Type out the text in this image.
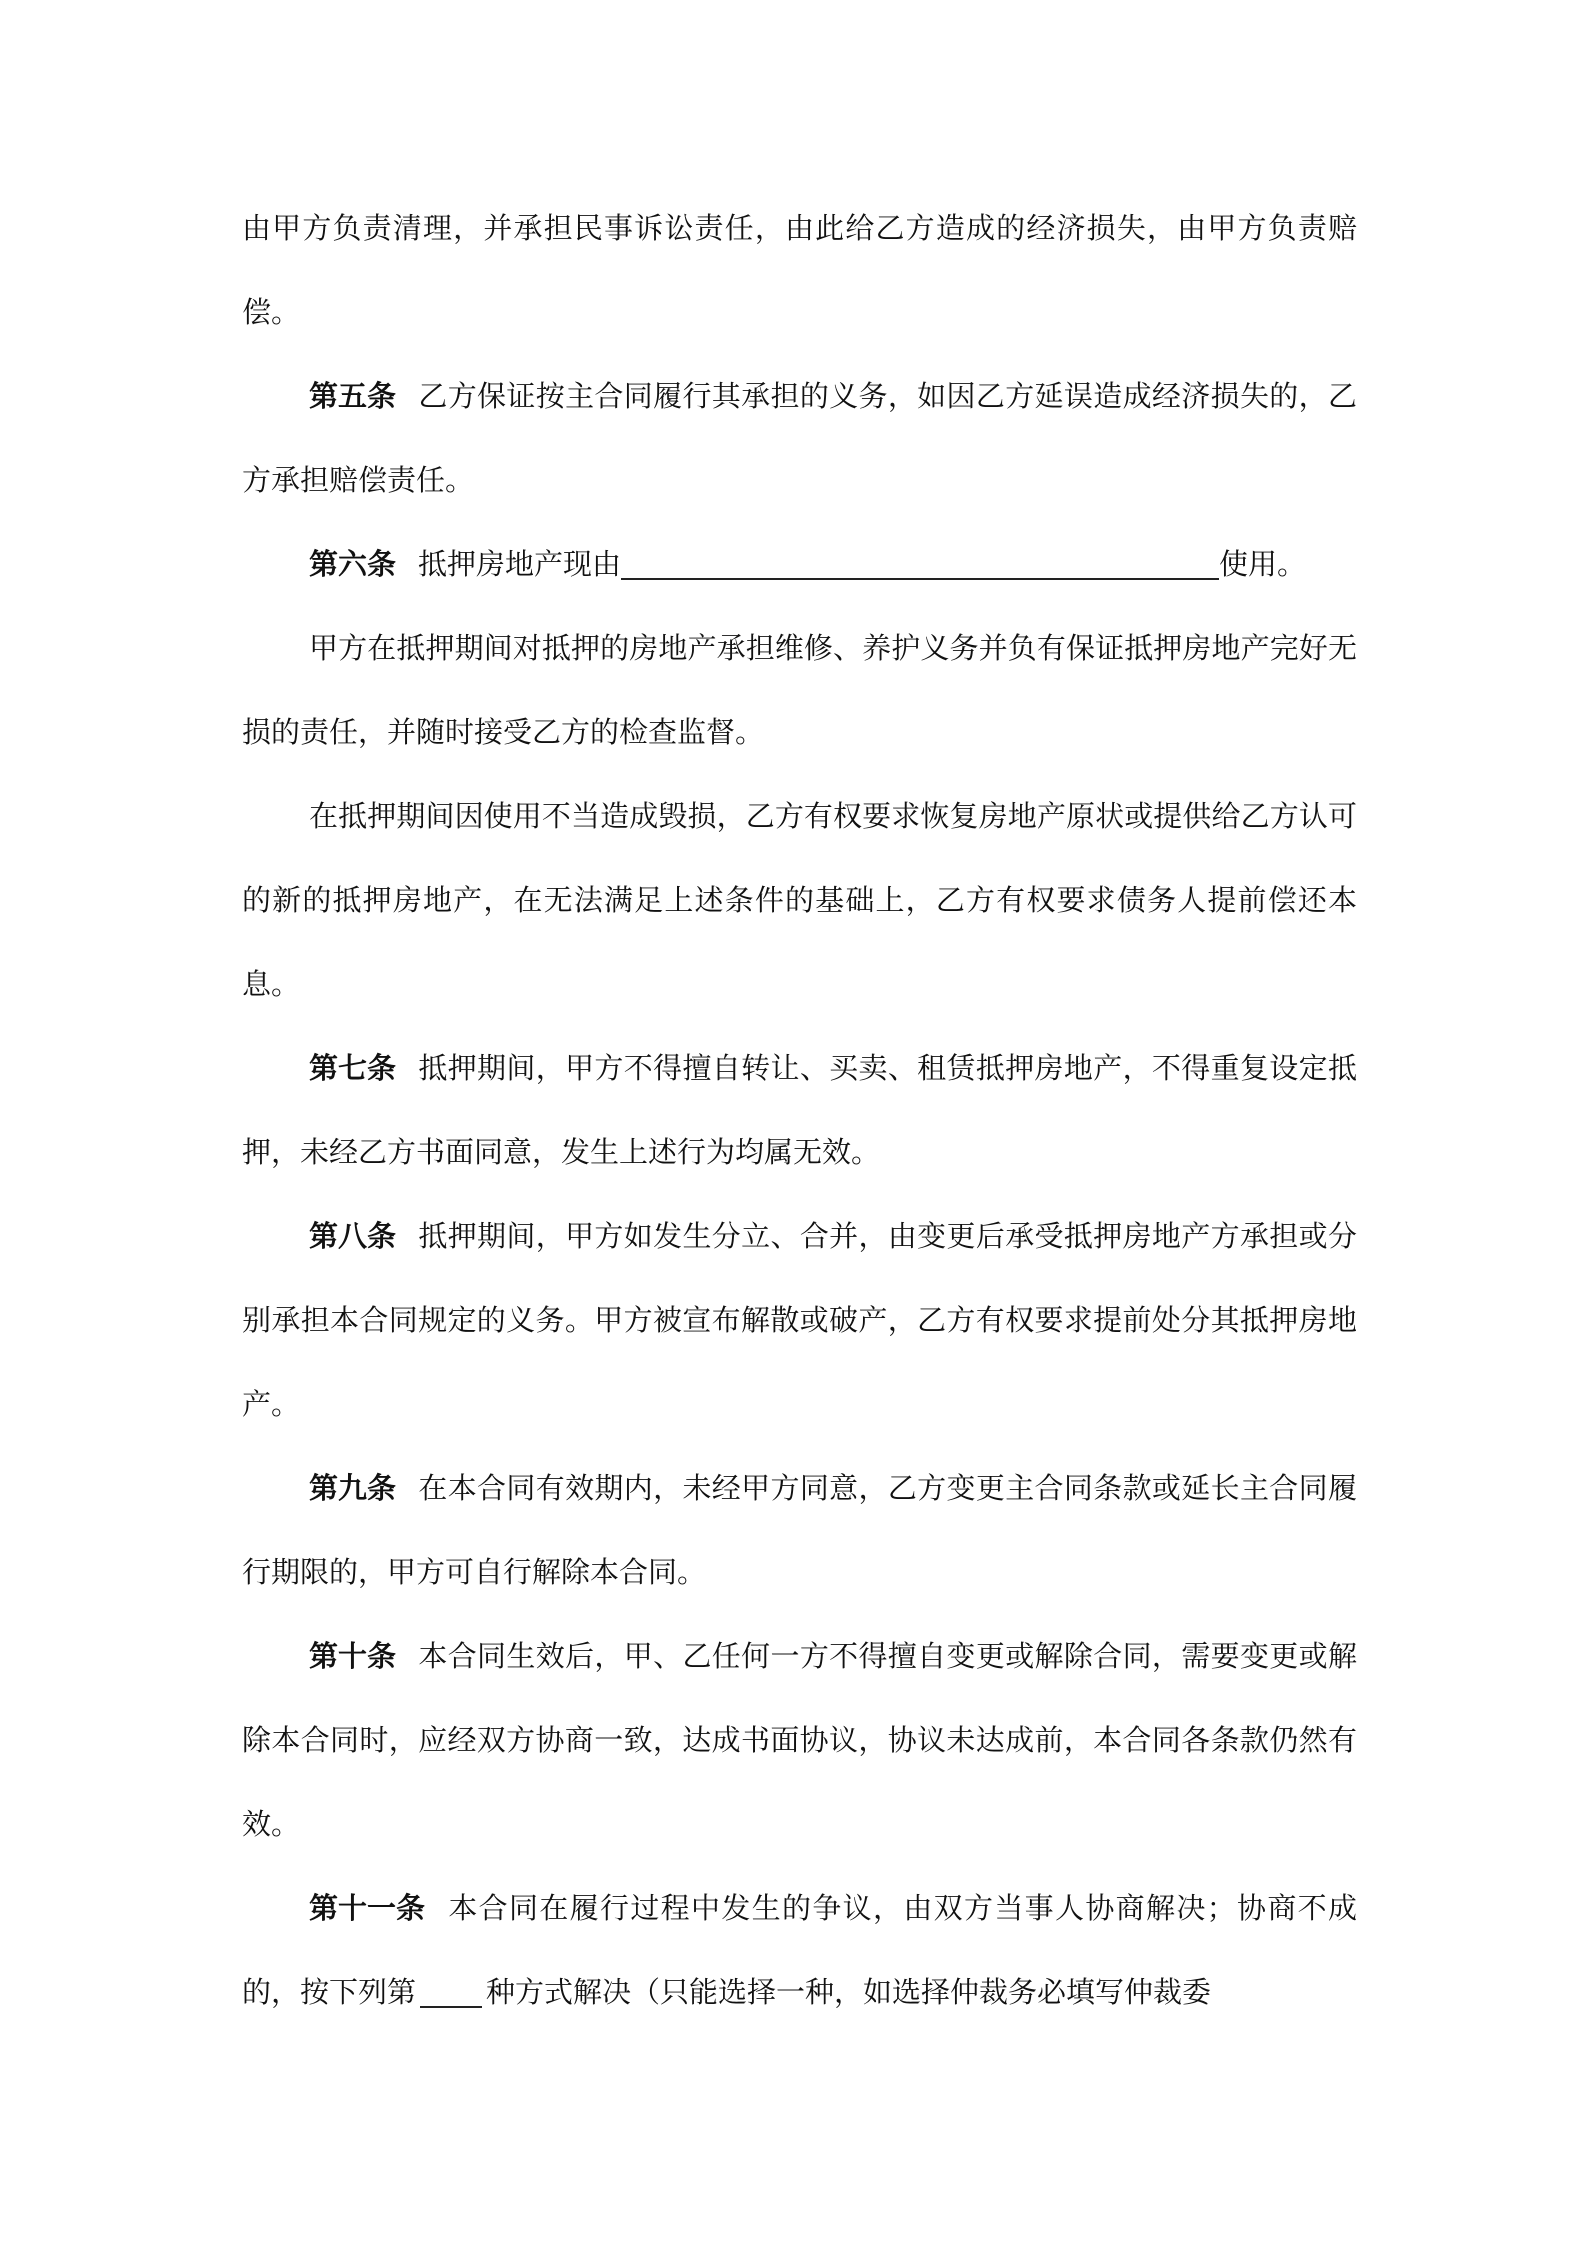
由甲方负责清理，并承担民事诉讼责任，由此给乙方造成的经济损失，由甲方负责赔偿。

第五条 乙方保证按主合同履行其承担的义务，如因乙方延误造成经济损失的，乙方承担赔偿责任。

第六条 抵押房地产现由	使用。

甲方在抵押期间对抵押的房地产承担维修、养护义务并负有保证抵押房地产完好无损的责任，并随时接受乙方的检查监督。

在抵押期间因使用不当造成毁损，乙方有权要求恢复房地产原状或提供给乙方认可的新的抵押房地产，在无法满足上述条件的基础上，乙方有权要求债务人提前偿还本息。

第七条 抵押期间，甲方不得擅自转让、买卖、租赁抵押房地产，不得重复设定抵押，未经乙方书面同意，发生上述行为均属无效。

第八条 抵押期间，甲方如发生分立、合并，由变更后承受抵押房地产方承担或分别承担本合同规定的义务。甲方被宣布解散或破产，乙方有权要求提前处分其抵押房地产。

第九条 在本合同有效期内，未经甲方同意，乙方变更主合同条款或延长主合同履行期限的，甲方可自行解除本合同。

第十条 本合同生效后，甲、乙任何一方不得擅自变更或解除合同，需要变更或解除本合同时，应经双方协商一致，达成书面协议，协议未达成前，本合同各条款仍然有效。

第十一条 本合同在履行过程中发生的争议，由双方当事人协商解决；协商不成的，按下列第 种方式解决（只能选择一种，如选择仲裁务必填写仲裁委
